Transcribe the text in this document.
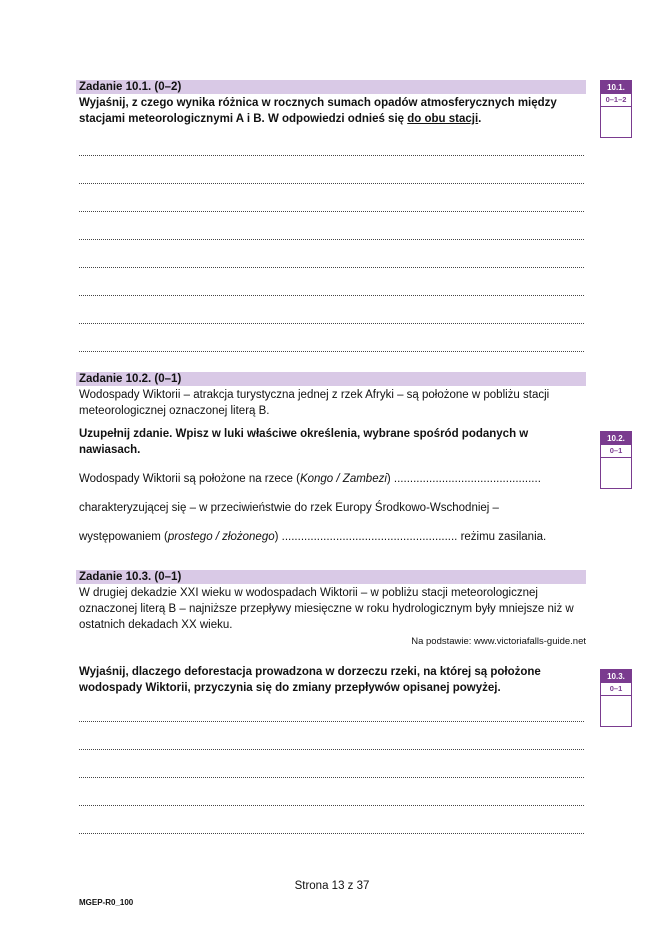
Zadanie 10.1. (0–2)
Wyjaśnij, z czego wynika różnica w rocznych sumach opadów atmosferycznych między stacjami meteorologicznymi A i B. W odpowiedzi odnieś się do obu stacji.
10.1.
0–1–2
Zadanie 10.2. (0–1)
Wodospady Wiktorii – atrakcja turystyczna jednej z rzek Afryki – są położone w pobliżu stacji meteorologicznej oznaczonej literą B.
Uzupełnij zdanie. Wpisz w luki właściwe określenia, wybrane spośród podanych w nawiasach.
10.2.
0–1
Wodospady Wiktorii są położone na rzece (Kongo / Zambezi) ..............................................
charakteryzującej się – w przeciwieństwie do rzek Europy Środkowo-Wschodniej –
występowaniem (prostego / złożonego) ....................................................... reżimu zasilania.
Zadanie 10.3. (0–1)
W drugiej dekadzie XXI wieku w wodospadach Wiktorii – w pobliżu stacji meteorologicznej oznaczonej literą B – najniższe przepływy miesięczne w roku hydrologicznym były mniejsze niż w ostatnich dekadach XX wieku.
Na podstawie: www.victoriafalls-guide.net
Wyjaśnij, dlaczego deforestacja prowadzona w dorzeczu rzeki, na której są położone wodospady Wiktorii, przyczynia się do zmiany przepływów opisanej powyżej.
10.3.
0–1
Strona 13 z 37
MGEP-R0_100
